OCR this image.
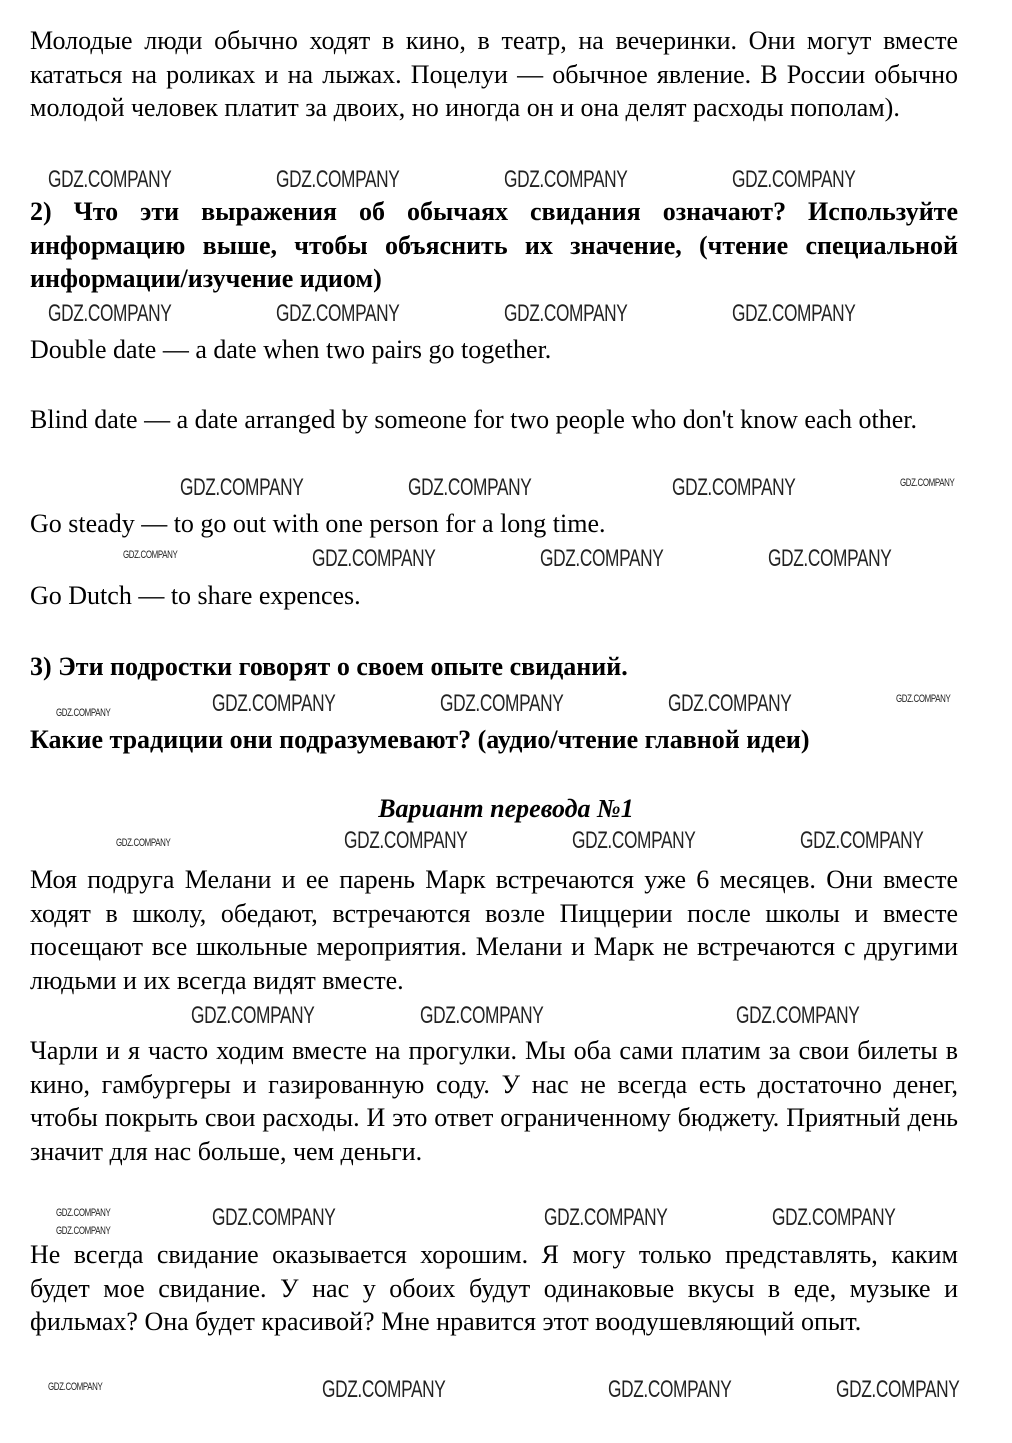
Молодые люди обычно ходят в кино, в театр, на вечеринки. Они могут вместе кататься на роликах и на лыжах. Поцелуи — обычное явление. В России обычно молодой человек платит за двоих, но иногда он и она делят расходы пополам).

2) Что эти выражения об обычаях свидания означают? Используйте информацию выше, чтобы объяснить их значение, (чтение специальной информации/изучение идиом)

Double date — a date when two pairs go together.

Blind date — a date arranged by someone for two people who don't know each other.

Go steady — to go out with one person for a long time.

Go Dutch — to share expences.

3) Эти подростки говорят о своем опыте свиданий.

Какие традиции они подразумевают? (аудио/чтение главной идеи)

Вариант перевода №1

Моя подруга Мелани и ее парень Марк встречаются уже 6 месяцев. Они вместе ходят в школу, обедают, встречаются возле Пиццерии после школы и вместе посещают все школьные мероприятия. Мелани и Марк не встречаются с другими людьми и их всегда видят вместе.

Чарли и я часто ходим вместе на прогулки. Мы оба сами платим за свои билеты в кино, гамбургеры и газированную соду. У нас не всегда есть достаточно денег, чтобы покрыть свои расходы. И это ответ ограниченному бюджету. Приятный день значит для нас больше, чем деньги.

Не всегда свидание оказывается хорошим. Я могу только представлять, каким будет мое свидание. У нас у обоих будут одинаковые вкусы в еде, музыке и фильмах? Она будет красивой? Мне нравится этот воодушевляющий опыт.

GDZ.COMPANY	GDZ.COMPANY	GDZ.COMPANY	GDZ.COMPANY
GDZ.COMPANY	GDZ.COMPANY	GDZ.COMPANY	GDZ.COMPANY
GDZ.COMPANY	GDZ.COMPANY	GDZ.COMPANY	GDZ.COMPANY
GDZ.COMPANY	GDZ.COMPANY	GDZ.COMPANY	GDZ.COMPANY
GDZ.COMPANY	GDZ.COMPANY	GDZ.COMPANY	GDZ.COMPANY
GDZ.COMPANY
GDZ.COMPANY	GDZ.COMPANY	GDZ.COMPANY
GDZ.COMPANY
GDZ.COMPANY	GDZ.COMPANY	GDZ.COMPANY
GDZ.COMPANY	GDZ.COMPANY	GDZ.COMPANY	GDZ.COMPANY
GDZ.COMPANY
GDZ.COMPANY	GDZ.COMPANY	GDZ.COMPANY	GDZ.COMPANY
